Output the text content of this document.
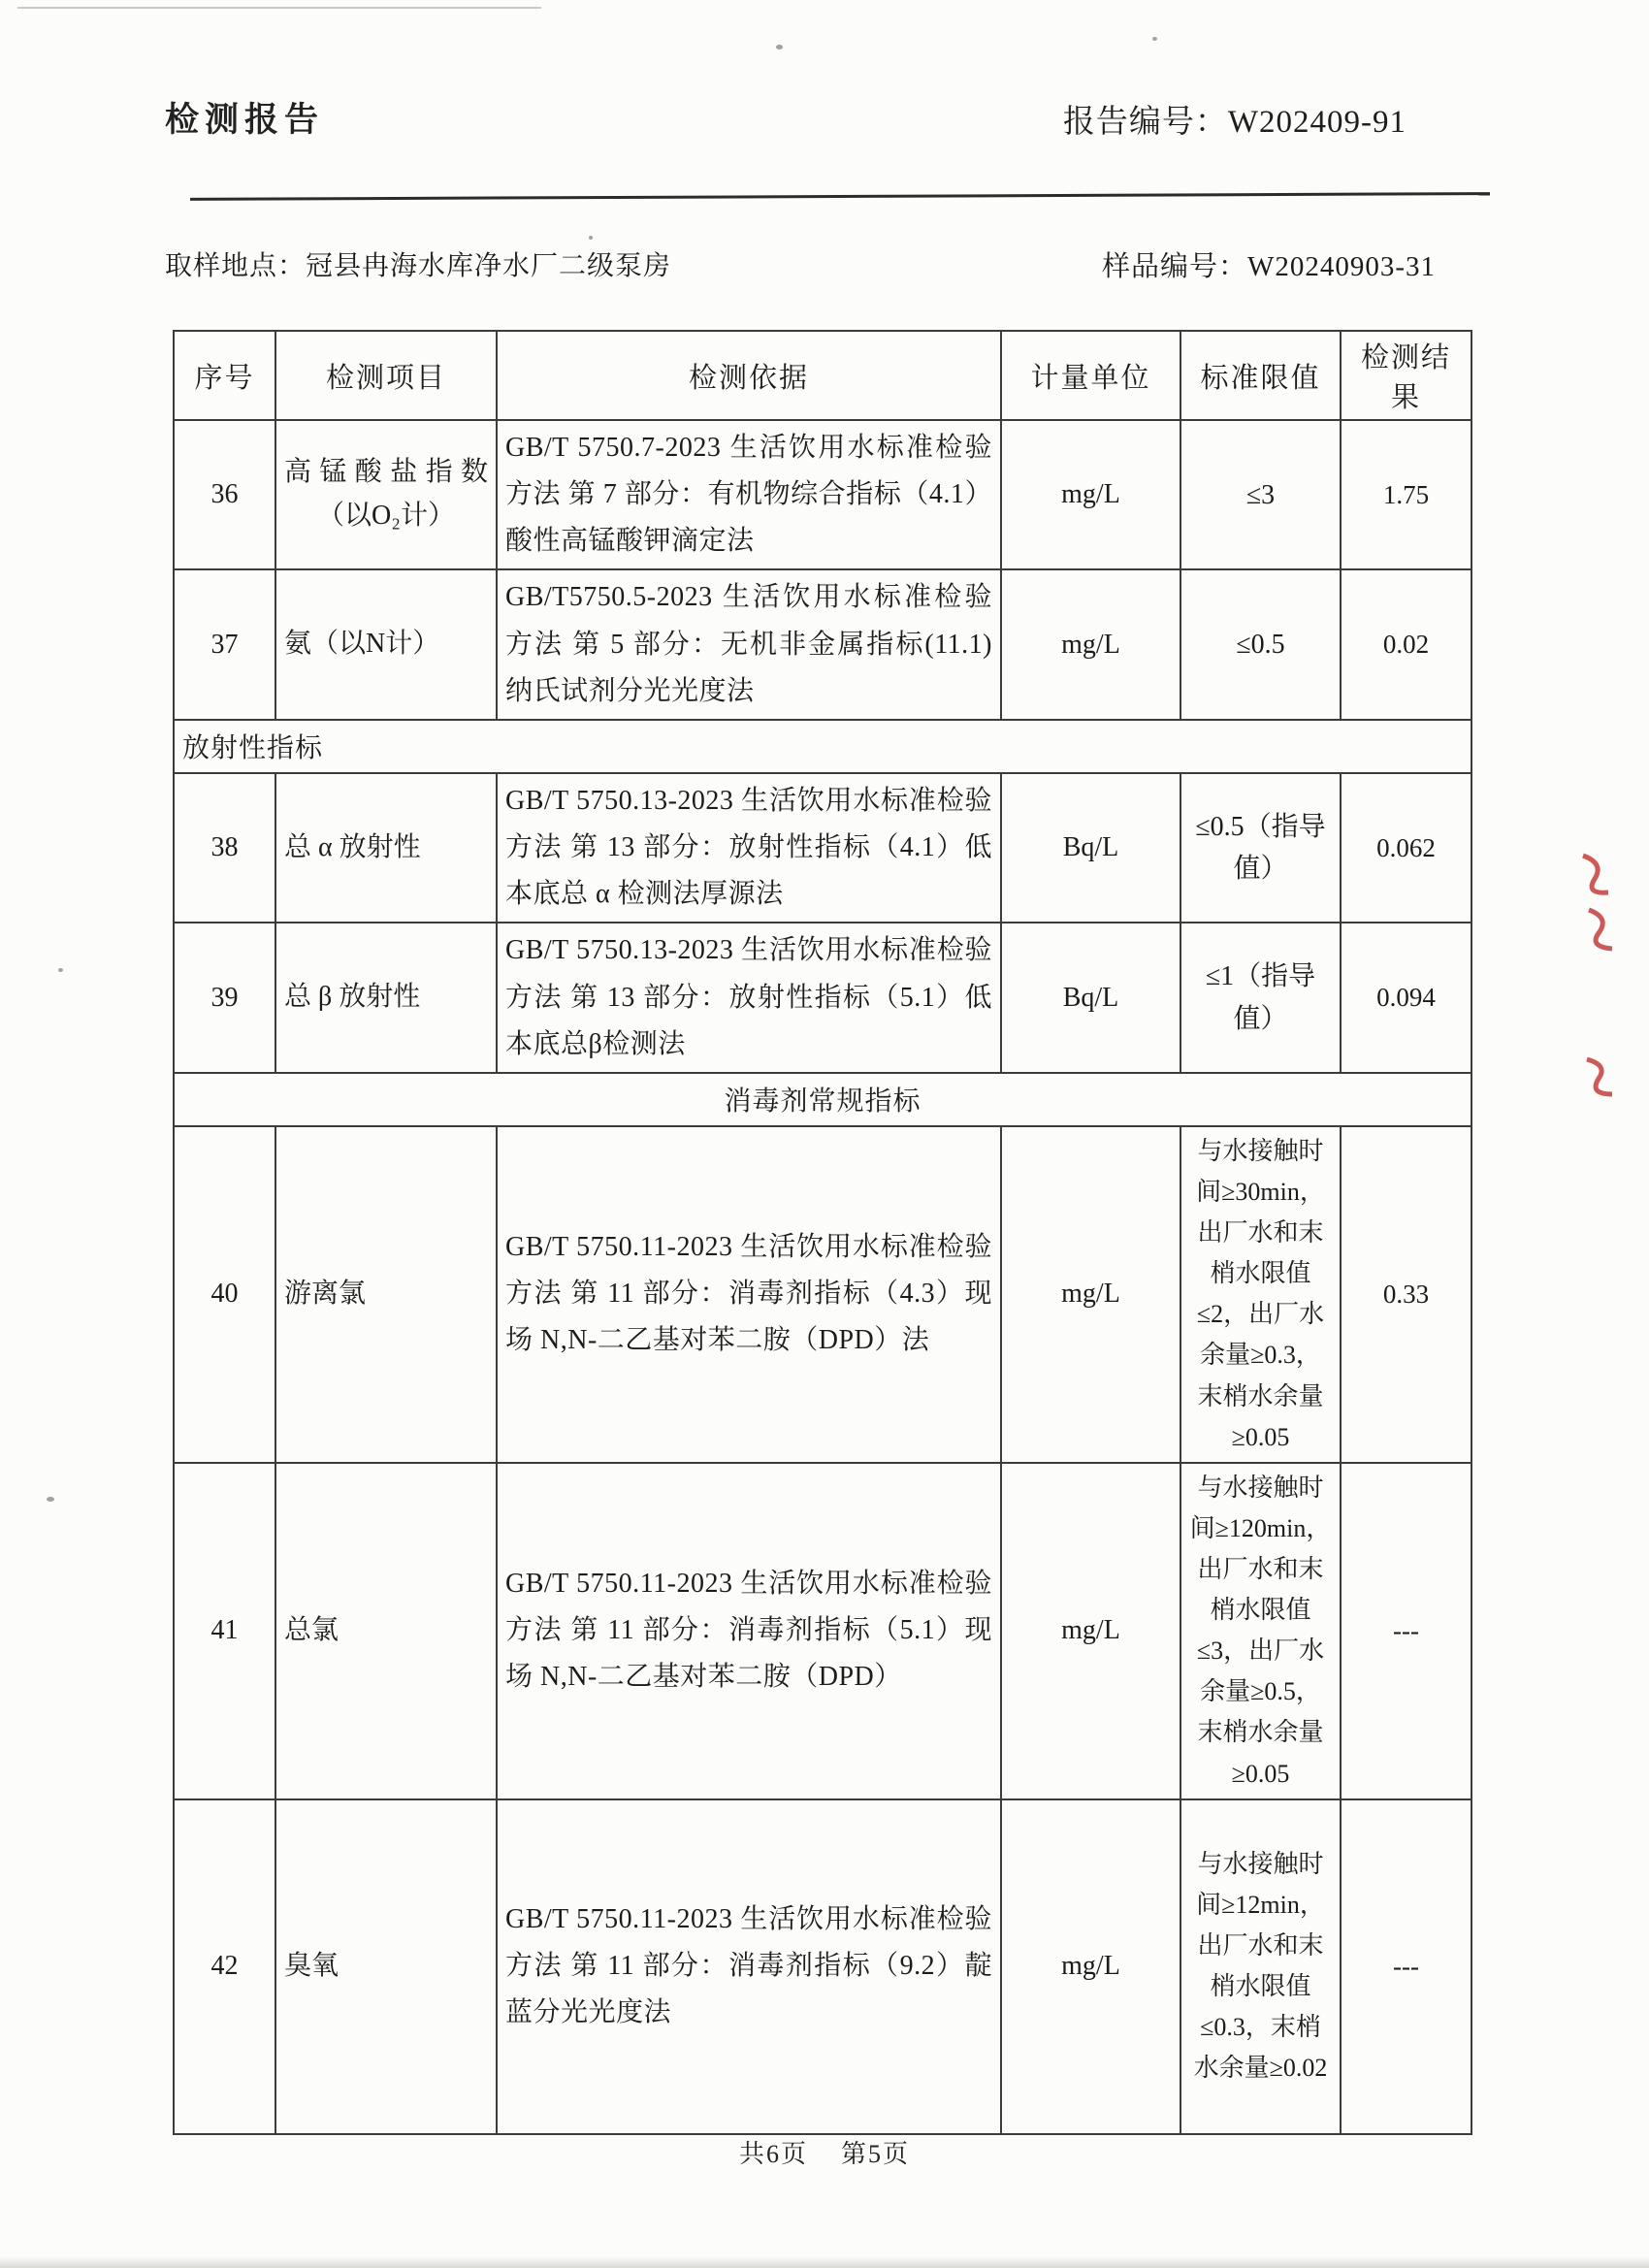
检测报告	报告编号：W202409-91
取样地点：冠县冉海水库净水厂二级泵房	样品编号：W20240903-31
序号	检测项目	检测依据	计量单位	标准限值	检测结果
36	高锰酸盐指数（以O₂计）	GB/T 5750.7-2023 生活饮用水标准检验方法 第 7 部分：有机物综合指标（4.1）酸性高锰酸钾滴定法	mg/L	≤3	1.75
37	氨（以N计）	GB/T5750.5-2023 生活饮用水标准检验方法 第 5 部分：无机非金属指标(11.1)纳氏试剂分光光度法	mg/L	≤0.5	0.02
放射性指标					
38	总 α 放射性	GB/T 5750.13-2023 生活饮用水标准检验方法 第 13 部分：放射性指标（4.1）低本底总 α 检测法厚源法	Bq/L	≤0.5（指导值）	0.062
39	总 β 放射性	GB/T 5750.13-2023 生活饮用水标准检验方法 第 13 部分：放射性指标（5.1）低本底总β检测法	Bq/L	≤1（指导值）	0.094
消毒剂常规指标					
40	游离氯	GB/T 5750.11-2023 生活饮用水标准检验方法 第 11 部分：消毒剂指标（4.3）现场 N,N-二乙基对苯二胺（DPD）法	mg/L	与水接触时间≥30min，出厂水和末梢水限值≤2，出厂水余量≥0.3，末梢水余量≥0.05	0.33
41	总氯	GB/T 5750.11-2023 生活饮用水标准检验方法 第 11 部分：消毒剂指标（5.1）现场 N,N-二乙基对苯二胺（DPD）	mg/L	与水接触时间≥120min，出厂水和末梢水限值≤3，出厂水余量≥0.5，末梢水余量≥0.05	---
42	臭氧	GB/T 5750.11-2023 生活饮用水标准检验方法 第 11 部分：消毒剂指标（9.2）靛蓝分光光度法	mg/L	与水接触时间≥12min，出厂水和末梢水限值≤0.3，末梢水余量≥0.02	---
共6页 第5页
